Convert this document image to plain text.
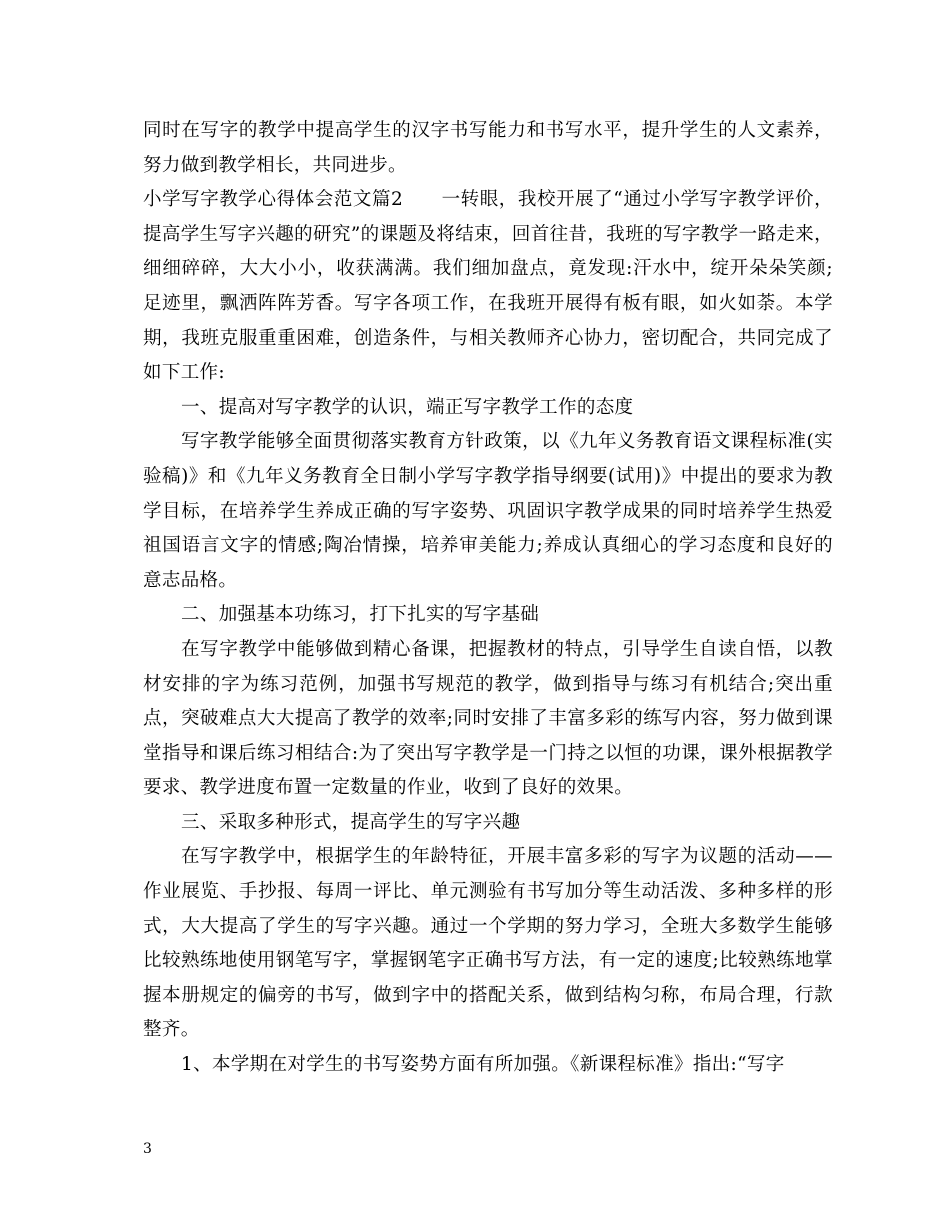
同时在写字的教学中提高学生的汉字书写能力和书写水平，提升学生的人文素养，努力做到教学相长，共同进步。

小学写字教学心得体会范文篇2　　一转眼，我校开展了“通过小学写字教学评价，提高学生写字兴趣的研究”的课题及将结束，回首往昔，我班的写字教学一路走来，细细碎碎，大大小小，收获满满。我们细加盘点，竟发现:汗水中，绽开朵朵笑颜;足迹里，飘洒阵阵芳香。写字各项工作，在我班开展得有板有眼，如火如荼。本学期，我班克服重重困难，创造条件，与相关教师齐心协力，密切配合，共同完成了如下工作:

一、提高对写字教学的认识，端正写字教学工作的态度

写字教学能够全面贯彻落实教育方针政策，以《九年义务教育语文课程标准(实验稿)》和《九年义务教育全日制小学写字教学指导纲要(试用)》中提出的要求为教学目标，在培养学生养成正确的写字姿势、巩固识字教学成果的同时培养学生热爱祖国语言文字的情感;陶冶情操，培养审美能力;养成认真细心的学习态度和良好的意志品格。

二、加强基本功练习，打下扎实的写字基础

在写字教学中能够做到精心备课，把握教材的特点，引导学生自读自悟，以教材安排的字为练习范例，加强书写规范的教学，做到指导与练习有机结合;突出重点，突破难点大大提高了教学的效率;同时安排了丰富多彩的练写内容，努力做到课堂指导和课后练习相结合:为了突出写字教学是一门持之以恒的功课，课外根据教学要求、教学进度布置一定数量的作业，收到了良好的效果。

三、采取多种形式，提高学生的写字兴趣

在写字教学中，根据学生的年龄特征，开展丰富多彩的写字为议题的活动——作业展览、手抄报、每周一评比、单元测验有书写加分等生动活泼、多种多样的形式，大大提高了学生的写字兴趣。通过一个学期的努力学习，全班大多数学生能够比较熟练地使用钢笔写字，掌握钢笔字正确书写方法，有一定的速度;比较熟练地掌握本册规定的偏旁的书写，做到字中的搭配关系，做到结构匀称，布局合理，行款整齐。

1、本学期在对学生的书写姿势方面有所加强。《新课程标准》指出:“写字

3
